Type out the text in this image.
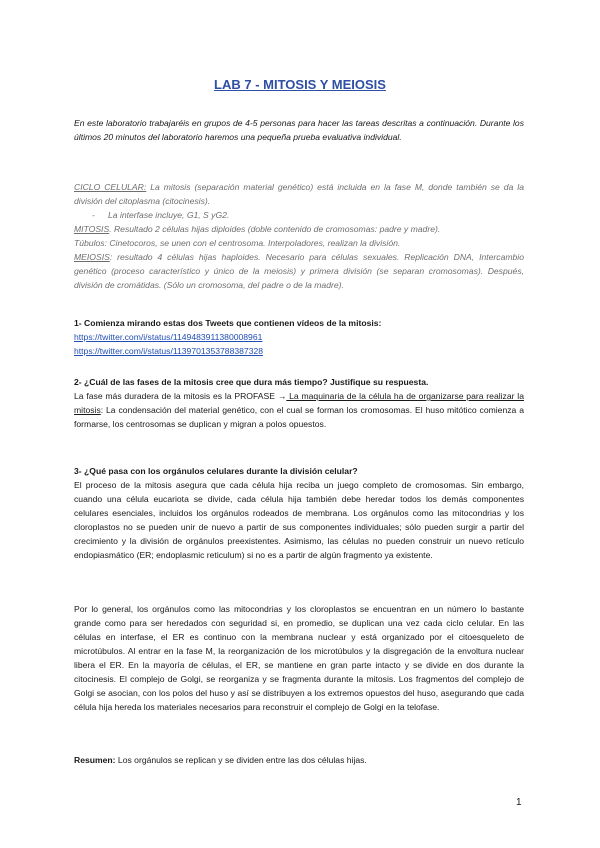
LAB 7 - MITOSIS Y MEIOSIS
En este laboratorio trabajaréis en grupos de 4-5 personas para hacer las tareas descritas a continuación. Durante los últimos 20 minutos del laboratorio haremos una pequeña prueba evaluativa individual.
CICLO CELULAR: La mitosis (separación material genético) está incluida en la fase M, donde también se da la división del citoplasma (citocinesis).
- La interfase incluye, G1, S yG2.
MITOSIS. Resultado 2 células hijas diploides (doble contenido de cromosomas: padre y madre).
Túbulos: Cinetocoros, se unen con el centrosoma. Interpoladores, realizan la división.
MEIOSIS: resultado 4 células hijas haploides. Necesario para células sexuales. Replicación DNA, Intercambio genético (proceso característico y único de la meiosis) y primera división (se separan cromosomas). Después, división de cromátidas. (Sólo un cromosoma, del padre o de la madre).
1- Comienza mirando estas dos Tweets que contienen vídeos de la mitosis:
https://twitter.com/i/status/1149483911380008961
https://twitter.com/i/status/1139701353788387328
2- ¿Cuál de las fases de la mitosis cree que dura más tiempo? Justifique su respuesta.
La fase más duradera de la mitosis es la PROFASE → La maquinaria de la célula ha de organizarse para realizar la mitosis: La condensación del material genético, con el cual se forman los cromosomas. El huso mitótico comienza a formarse, los centrosomas se duplican y migran a polos opuestos.
3- ¿Qué pasa con los orgánulos celulares durante la división celular?
El proceso de la mitosis asegura que cada célula hija reciba un juego completo de cromosomas. Sin embargo, cuando una célula eucariota se divide, cada célula hija también debe heredar todos los demás componentes celulares esenciales, incluidos los orgánulos rodeados de membrana. Los orgánulos como las mitocondrias y los cloroplastos no se pueden unir de nuevo a partir de sus componentes individuales; sólo pueden surgir a partir del crecimiento y la división de orgánulos preexistentes. Asimismo, las células no pueden construir un nuevo retículo endopiasmático (ER; endoplasmic reticulum) si no es a partir de algún fragmento ya existente.
Por lo general, los orgánulos como las mitocondrias y los cloroplastos se encuentran en un número lo bastante grande como para ser heredados con seguridad si, en promedio, se duplican una vez cada ciclo celular. En las células en interfase, el ER es continuo con la membrana nuclear y está organizado por el citoesqueleto de microtúbulos. Al entrar en la fase M, la reorganización de los microtúbulos y la disgregación de la envoltura nuclear libera el ER. En la mayoría de células, el ER, se mantiene en gran parte intacto y se divide en dos durante la citocinesis. El complejo de Golgi, se reorganiza y se fragmenta durante la mitosis. Los fragmentos del complejo de Golgi se asocian, con los polos del huso y así se distribuyen a los extremos opuestos del huso, asegurando que cada célula hija hereda los materiales necesarios para reconstruir el complejo de Golgi en la telofase.
Resumen: Los orgánulos se replican y se dividen entre las dos células hijas.
1
